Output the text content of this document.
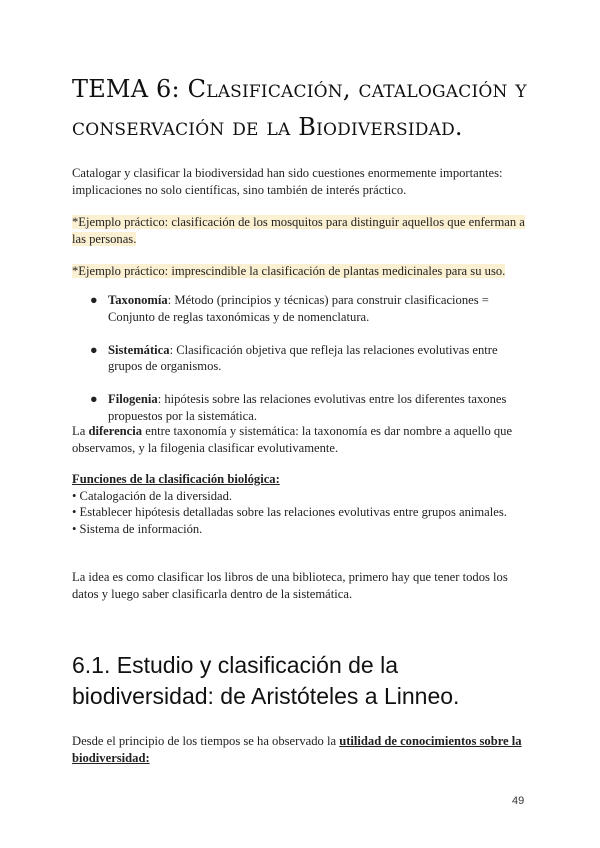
TEMA 6: Clasificación, catalogación y conservación de la Biodiversidad.
Catalogar y clasificar la biodiversidad han sido cuestiones enormemente importantes: implicaciones no solo científicas, sino también de interés práctico.
*Ejemplo práctico: clasificación de los mosquitos para distinguir aquellos que enferman a las personas.
*Ejemplo práctico: imprescindible la clasificación de plantas medicinales para su uso.
● Taxonomía: Método (principios y técnicas) para construir clasificaciones = Conjunto de reglas taxonómicas y de nomenclatura.
● Sistemática: Clasificación objetiva que refleja las relaciones evolutivas entre grupos de organismos.
● Filogenia: hipótesis sobre las relaciones evolutivas entre los diferentes taxones propuestos por la sistemática.
La diferencia entre taxonomía y sistemática: la taxonomía es dar nombre a aquello que observamos, y la filogenia clasificar evolutivamente.
Funciones de la clasificación biológica:
• Catalogación de la diversidad.
• Establecer hipótesis detalladas sobre las relaciones evolutivas entre grupos animales.
• Sistema de información.
La idea es como clasificar los libros de una biblioteca, primero hay que tener todos los datos y luego saber clasificarla dentro de la sistemática.
6.1. Estudio y clasificación de la biodiversidad: de Aristóteles a Linneo.
Desde el principio de los tiempos se ha observado la utilidad de conocimientos sobre la biodiversidad:
49
